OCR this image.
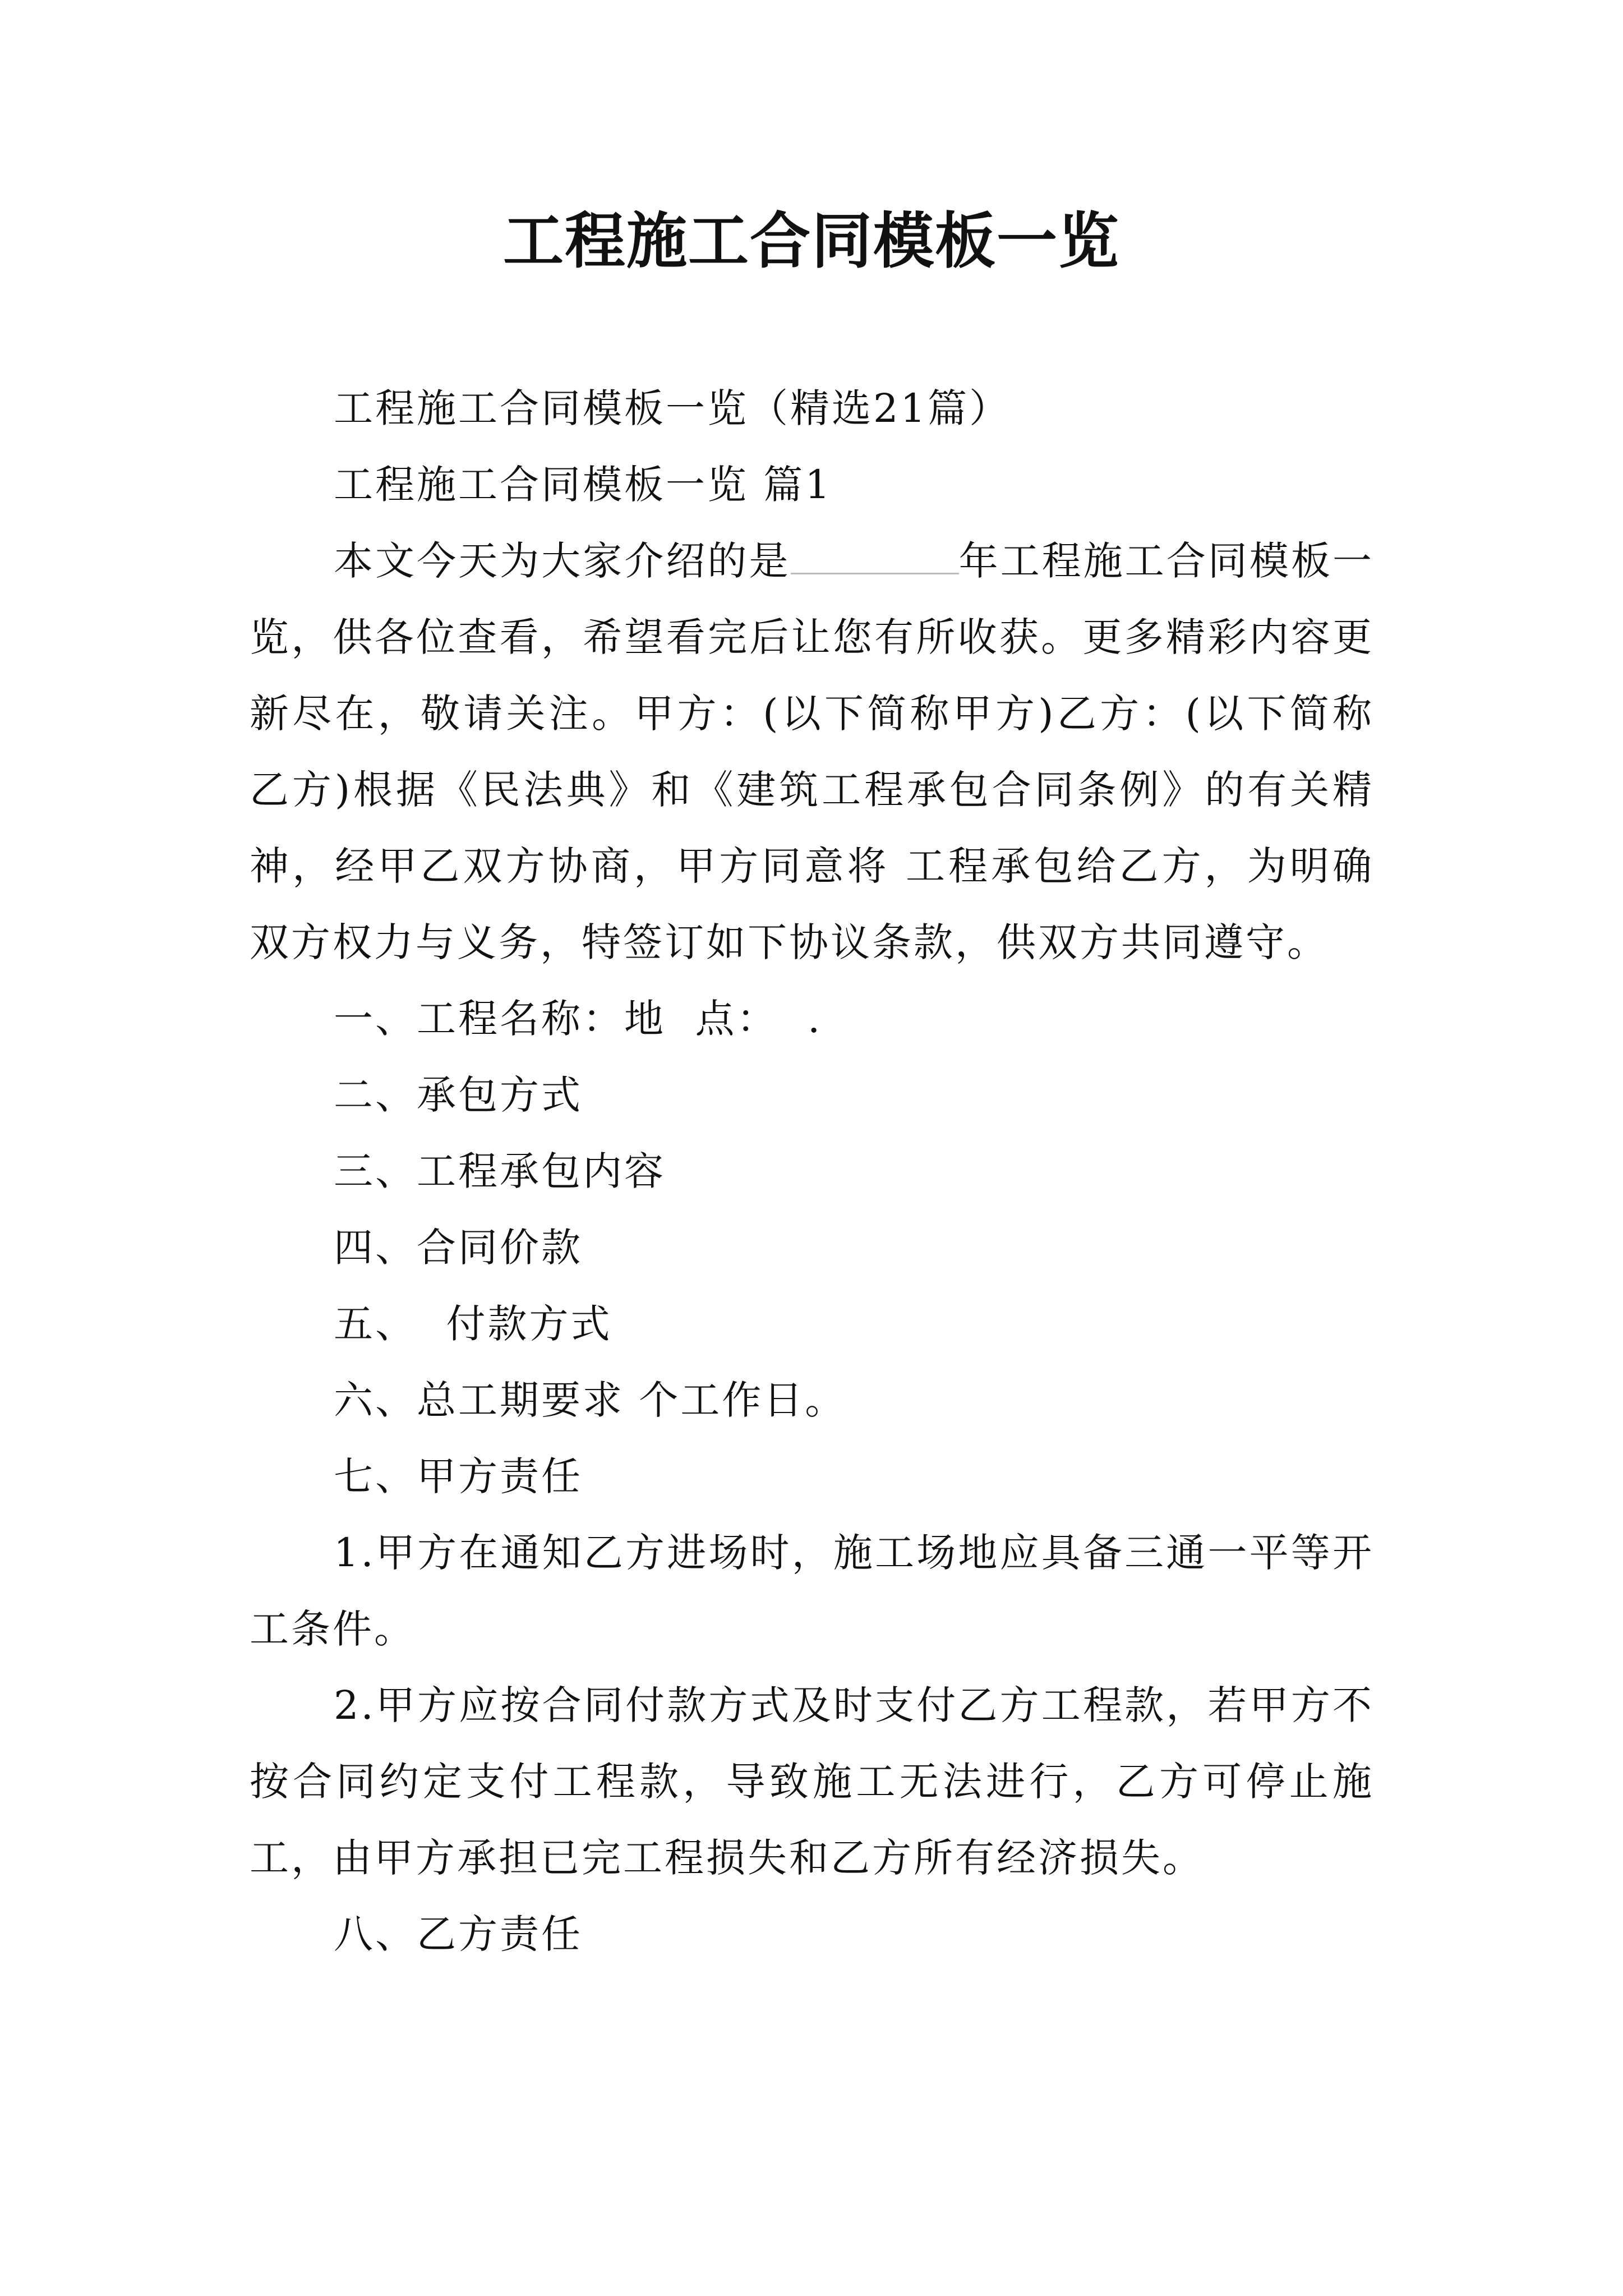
工程施工合同模板一览

工程施工合同模板一览（精选21篇）

工程施工合同模板一览 篇1

本文今天为大家介绍的是	年工程施工合同模板一览，供各位查看，希望看完后让您有所收获。更多精彩内容更新尽在，敬请关注。甲方：(以下简称甲方)乙方：(以下简称乙方)根据《民法典》和《建筑工程承包合同条例》的有关精神，经甲乙双方协商，甲方同意将 工程承包给乙方，为明确双方权力与义务，特签订如下协议条款，供双方共同遵守。

一、工程名称：地  点：  .

二、承包方式

三、工程承包内容

四、合同价款

五、  付款方式

六、总工期要求 个工作日。

七、甲方责任

1.甲方在通知乙方进场时，施工场地应具备三通一平等开工条件。

2.甲方应按合同付款方式及时支付乙方工程款，若甲方不按合同约定支付工程款，导致施工无法进行，乙方可停止施工，由甲方承担已完工程损失和乙方所有经济损失。

八、乙方责任
